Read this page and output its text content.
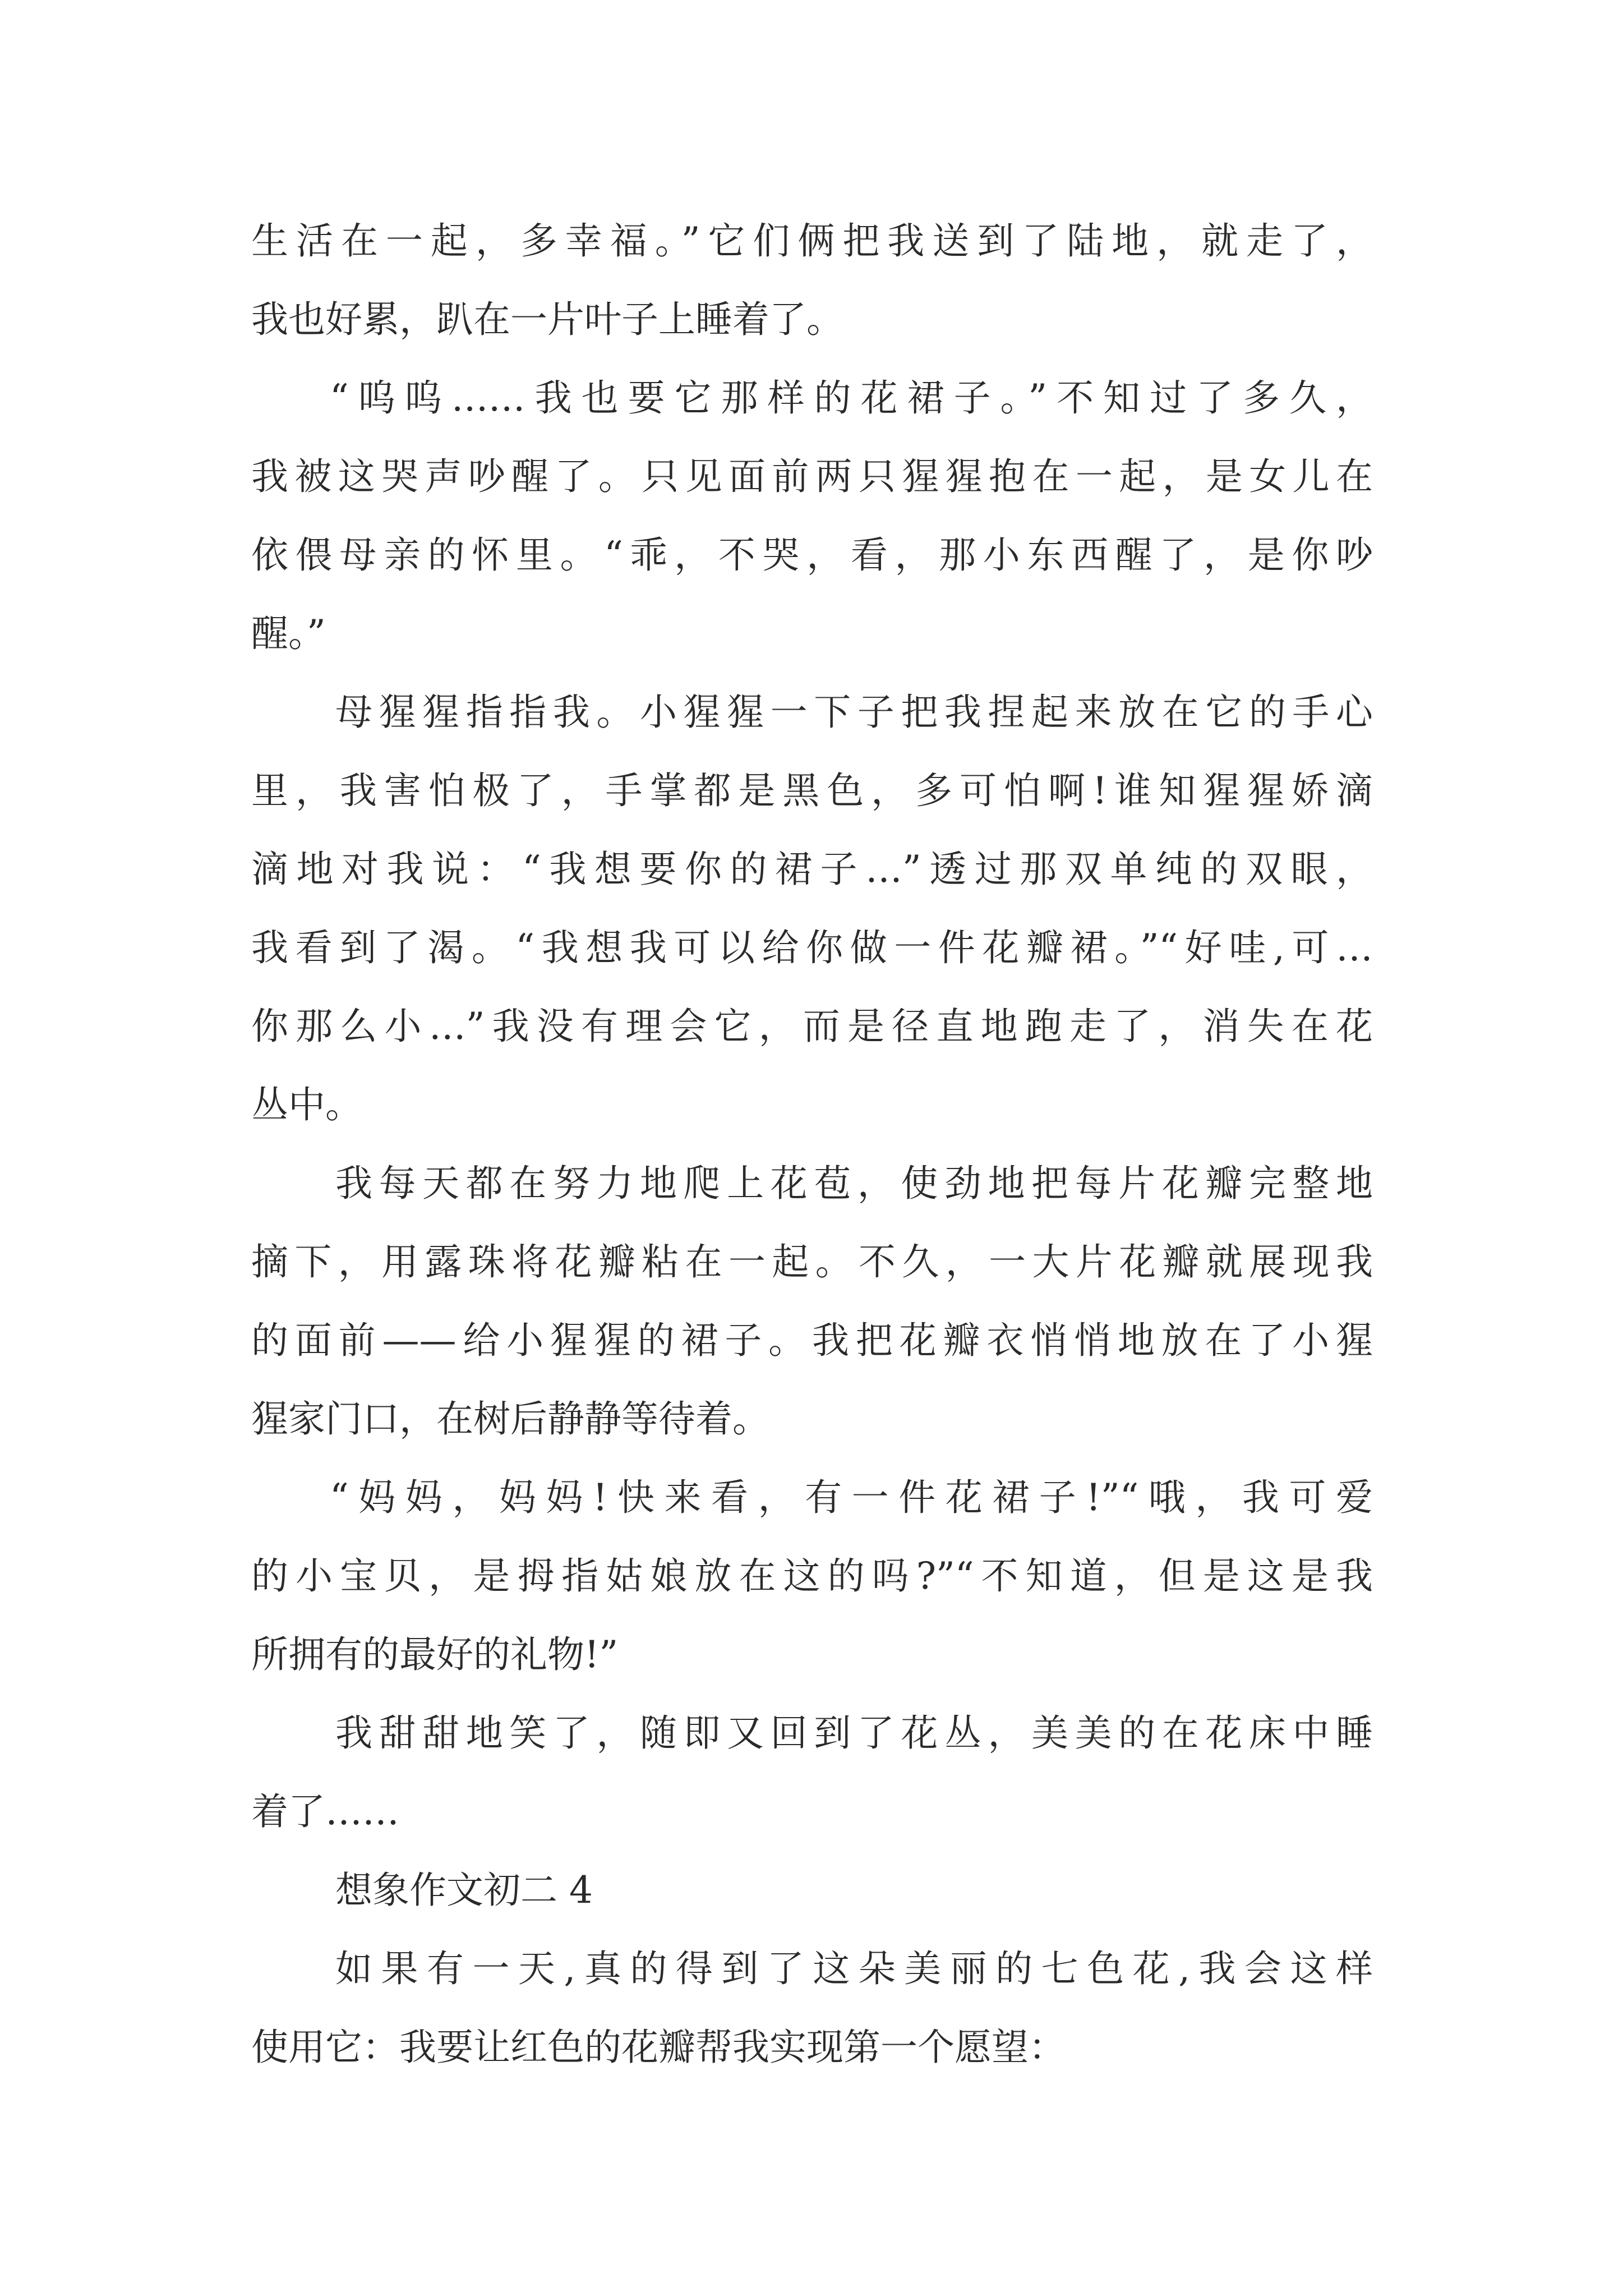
生活在一起，多幸福。”它们俩把我送到了陆地，就走了，

我也好累，趴在一片叶子上睡着了。

“呜呜……我也要它那样的花裙子。”不知过了多久，

我被这哭声吵醒了。只见面前两只猩猩抱在一起，是女儿在

依偎母亲的怀里。“乖，不哭，看，那小东西醒了，是你吵

醒。”

母猩猩指指我。小猩猩一下子把我捏起来放在它的手心

里，我害怕极了，手掌都是黑色，多可怕啊!谁知猩猩娇滴

滴地对我说：“我想要你的裙子…”透过那双单纯的双眼，

我看到了渴。“我想我可以给你做一件花瓣裙。”“好哇,可…

你那么小…”我没有理会它，而是径直地跑走了，消失在花

丛中。

我每天都在努力地爬上花苞，使劲地把每片花瓣完整地

摘下，用露珠将花瓣粘在一起。不久，一大片花瓣就展现我

的面前——给小猩猩的裙子。我把花瓣衣悄悄地放在了小猩

猩家门口，在树后静静等待着。

“妈妈，妈妈!快来看，有一件花裙子!”“哦，我可爱

的小宝贝，是拇指姑娘放在这的吗?”“不知道，但是这是我

所拥有的最好的礼物!”

我甜甜地笑了，随即又回到了花丛，美美的在花床中睡

着了……

想象作文初二 4

如果有一天,真的得到了这朵美丽的七色花,我会这样

使用它：我要让红色的花瓣帮我实现第一个愿望：
